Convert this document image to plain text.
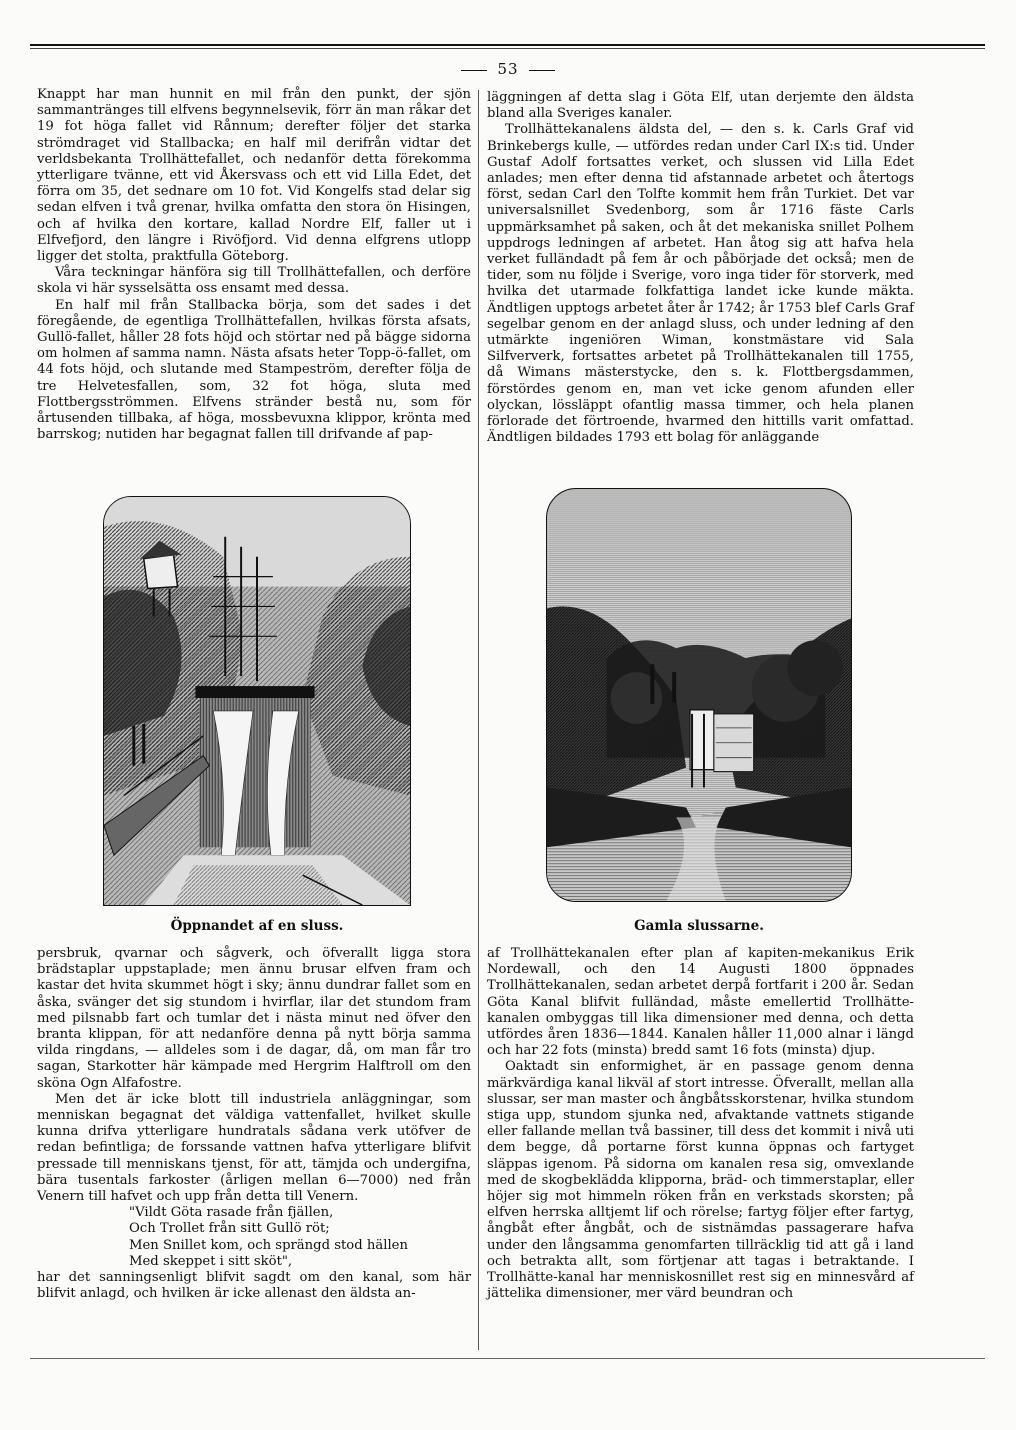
53

Knappt har man hunnit en mil från den punkt, der sjön sammantränges till elfvens begynnelsevik, förr än man råkar det 19 fot höga fallet vid Rånnum; derefter följer det starka strömdraget vid Stallbacka; en half mil derifrån vidtar det verldsbekanta Trollhättefallet, och nedanför detta förekomma ytterligare tvänne, ett vid Åkersvass och ett vid Lilla Edet, det förra om 35, det sednare om 10 fot. Vid Kongelfs stad delar sig sedan elfven i två grenar, hvilka omfatta den stora ön Hisingen, och af hvilka den kortare, kallad Nordre Elf, faller ut i Elfvefjord, den längre i Rivöfjord. Vid denna elfgrens utlopp ligger det stolta, praktfulla Göteborg.

Våra teckningar hänföra sig till Trollhättefallen, och derföre skola vi här sysselsätta oss ensamt med dessa.

En half mil från Stallbacka börja, som det sades i det föregående, de egentliga Trollhättefallen, hvilkas första afsats, Gullö-fallet, håller 28 fots höjd och störtar ned på bägge sidorna om holmen af samma namn. Nästa afsats heter Topp-ö-fallet, om 44 fots höjd, och slutande med Stampeström, derefter följa de tre Helvetesfallen, som, 32 fot höga, sluta med Flottbergsströmmen. Elfvens stränder bestå nu, som för årtusenden tillbaka, af höga, mossbevuxna klippor, krönta med barrskog; nutiden har begagnat fallen till drifvande af pap-

läggningen af detta slag i Göta Elf, utan derjemte den äldsta bland alla Sveriges kanaler.

Trollhättekanalens äldsta del, — den s. k. Carls Graf vid Brinkebergs kulle, — utfördes redan under Carl IX:s tid. Under Gustaf Adolf fortsattes verket, och slussen vid Lilla Edet anlades; men efter denna tid afstannade arbetet och återtogs först, sedan Carl den Tolfte kommit hem från Turkiet. Det var universalsnillet Svedenborg, som år 1716 fäste Carls uppmärksamhet på saken, och åt det mekaniska snillet Polhem uppdrogs ledningen af arbetet. Han åtog sig att hafva hela verket fulländadt på fem år och påbörjade det också; men de tider, som nu följde i Sverige, voro inga tider för storverk, med hvilka det utarmade folkfattiga landet icke kunde mäkta. Ändtligen upptogs arbetet åter år 1742; år 1753 blef Carls Graf segelbar genom en der anlagd sluss, och under ledning af den utmärkte ingeniören Wiman, konstmästare vid Sala Silfververk, fortsattes arbetet på Trollhättekanalen till 1755, då Wimans mästerstycke, den s. k. Flottbergsdammen, förstördes genom en, man vet icke genom afunden eller olyckan, lössläppt ofantlig massa timmer, och hela planen förlorade det förtroende, hvarmed den hittills varit omfattad. Ändtligen bildades 1793 ett bolag för anläggande

Öppnandet af en sluss.	Gamla slussarne.

persbruk, qvarnar och sågverk, och öfverallt ligga stora brädstaplar uppstaplade; men ännu brusar elfven fram och kastar det hvita skummet högt i sky; ännu dundrar fallet som en åska, svänger det sig stundom i hvirflar, ilar det stundom fram med pilsnabb fart och tumlar det i nästa minut ned öfver den branta klippan, för att nedanföre denna på nytt börja samma vilda ringdans, — alldeles som i de dagar, då, om man får tro sagan, Starkotter här kämpade med Hergrim Halftroll om den sköna Ogn Alfafostre.

Men det är icke blott till industriela anläggningar, som menniskan begagnat det väldiga vattenfallet, hvilket skulle kunna drifva ytterligare hundratals sådana verk utöfver de redan befintliga; de forssande vattnen hafva ytterligare blifvit pressade till menniskans tjenst, för att, tämjda och undergifna, bära tusentals farkoster (årligen mellan 6—7000) ned från Venern till hafvet och upp från detta till Venern.

"Vildt Göta rasade från fjällen,
Och Trollet från sitt Gullö röt;
Men Snillet kom, och sprängd stod hällen
Med skeppet i sitt sköt",

har det sanningsenligt blifvit sagdt om den kanal, som här blifvit anlagd, och hvilken är icke allenast den äldsta an-

af Trollhättekanalen efter plan af kapiten-mekanikus Erik Nordewall, och den 14 Augusti 1800 öppnades Trollhättekanalen, sedan arbetet derpå fortfarit i 200 år. Sedan Göta Kanal blifvit fulländad, måste emellertid Trollhätte-kanalen ombyggas till lika dimensioner med denna, och detta utfördes åren 1836—1844. Kanalen håller 11,000 alnar i längd och har 22 fots (minsta) bredd samt 16 fots (minsta) djup.

Oaktadt sin enformighet, är en passage genom denna märkvärdiga kanal likväl af stort intresse. Öfverallt, mellan alla slussar, ser man master och ångbåtsskorstenar, hvilka stundom stiga upp, stundom sjunka ned, afvaktande vattnets stigande eller fallande mellan två bassiner, till dess det kommit i nivå uti dem begge, då portarne först kunna öppnas och fartyget släppas igenom. På sidorna om kanalen resa sig, omvexlande med de skogbeklädda klipporna, bräd- och timmerstaplar, eller höjer sig mot himmeln röken från en verkstads skorsten; på elfven herrska alltjemt lif och rörelse; fartyg följer efter fartyg, ångbåt efter ångbåt, och de sistnämdas passagerare hafva under den långsamma genomfarten tillräcklig tid att gå i land och betrakta allt, som förtjenar att tagas i betraktande. I Trollhätte-kanal har menniskosnillet rest sig en minnesvård af jättelika dimensioner, mer värd beundran och
